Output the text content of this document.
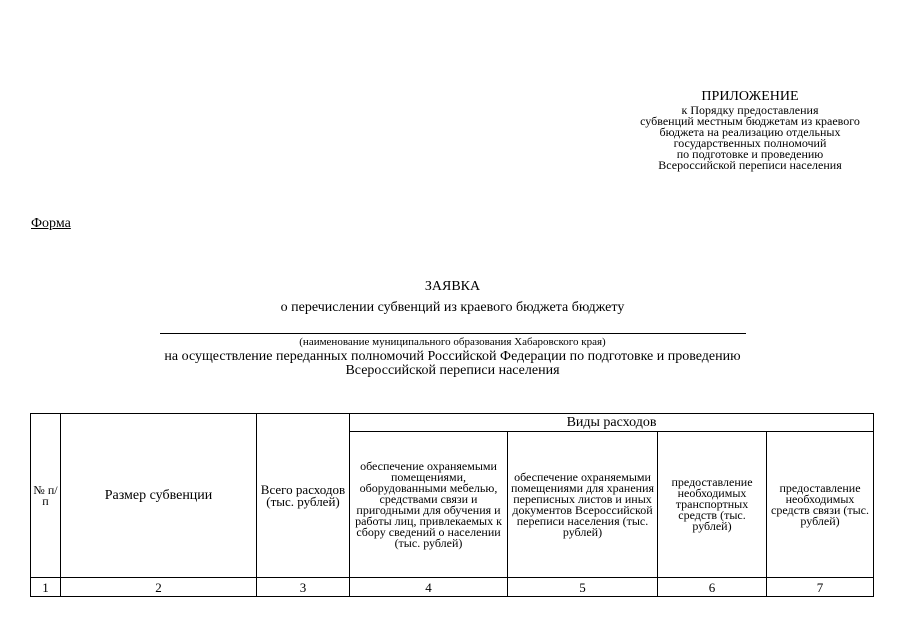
ПРИЛОЖЕНИЕ
к Порядку предоставления
субвенций местным бюджетам из краевого
бюджета на реализацию отдельных
государственных полномочий
по подготовке и проведению
Всероссийской переписи населения
Форма
ЗАЯВКА
о перечислении субвенций из краевого бюджета бюджету
(наименование муниципального образования Хабаровского края)
на осуществление переданных полномочий Российской Федерации по подготовке и проведению
Всероссийской переписи населения
№ п/п	Размер субвенции	Всего расходов (тыс. рублей)	Виды расходов			
			обеспечение охраняемыми помещениями, оборудованными мебелью, средствами связи и пригодными для обучения и работы лиц, привлекаемых к сбору сведений о населении (тыс. рублей)	обеспечение охраняемыми помещениями для хранения переписных листов и иных документов Всероссийской переписи населения (тыс. рублей)	предоставление необходимых транспортных средств (тыс. рублей)	предоставление необходимых средств связи (тыс. рублей)
1	2	3	4	5	6	7
